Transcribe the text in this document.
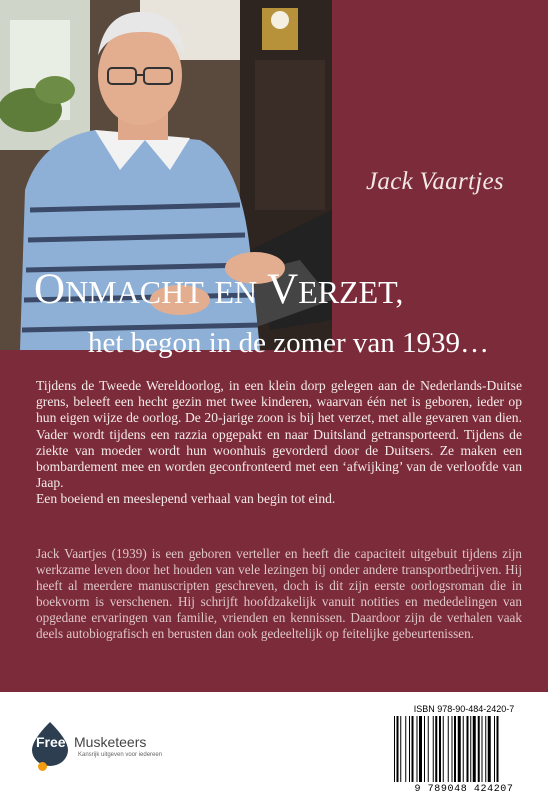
Jack Vaartjes
ONMACHT EN VERZET,
het begon in de zomer van 1939…

Tijdens de Tweede Wereldoorlog, in een klein dorp gelegen aan de Nederlands-Duitse grens, beleeft een hecht gezin met twee kinderen, waarvan één net is geboren, ieder op hun eigen wijze de oorlog. De 20-jarige zoon is bij het verzet, met alle gevaren van dien. Vader wordt tijdens een razzia opgepakt en naar Duitsland getransporteerd. Tijdens de ziekte van moeder wordt hun woonhuis gevorderd door de Duitsers. Ze maken een bombardement mee en worden geconfronteerd met een ‘afwijking’ van de verloofde van Jaap.

Een boeiend en meeslepend verhaal van begin tot eind.

Jack Vaartjes (1939) is een geboren verteller en heeft die capaciteit uitgebuit tijdens zijn werkzame leven door het houden van vele lezingen bij onder andere transportbedrijven. Hij heeft al meerdere manuscripten geschreven, doch is dit zijn eerste oorlogsroman die in boekvorm is verschenen. Hij schrijft hoofdzakelijk vanuit notities en mededelingen van opgedane ervaringen van familie, vrienden en kennissen. Daardoor zijn de verhalen vaak deels autobiografisch en berusten dan ook gedeeltelijk op feitelijke gebeurtenissen.
Free Musketeers
Kansrijk uitgeven voor iedereen
ISBN 978-90-484-2420-7
9 789048 424207
